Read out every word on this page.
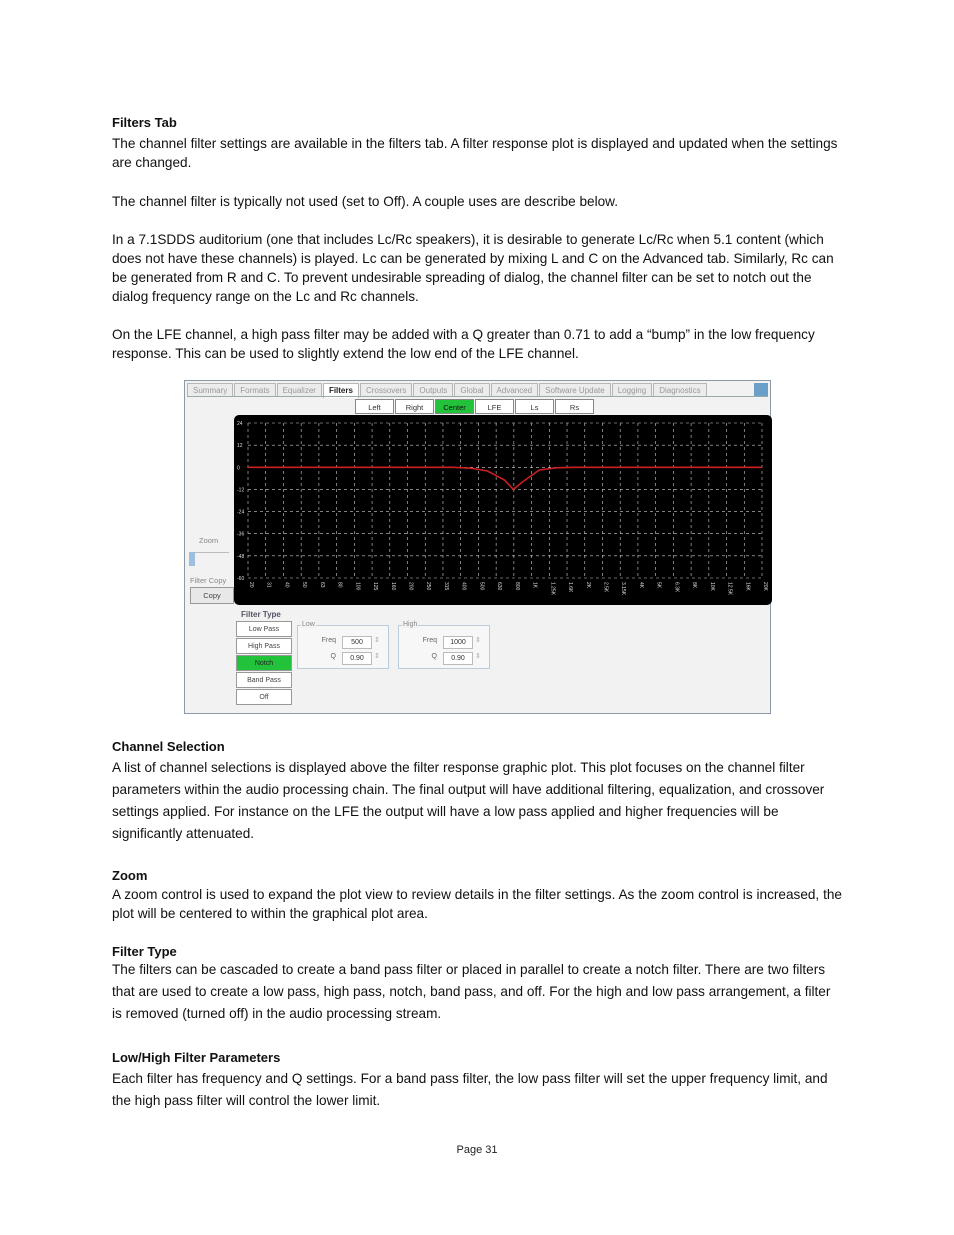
Filters Tab

The channel filter settings are available in the filters tab. A filter response plot is displayed and updated when the settings are changed.

The channel filter is typically not used (set to Off). A couple uses are describe below.

In a 7.1SDDS auditorium (one that includes Lc/Rc speakers), it is desirable to generate Lc/Rc when 5.1 content (which does not have these channels) is played. Lc can be generated by mixing L and C on the Advanced tab. Similarly, Rc can be generated from R and C. To prevent undesirable spreading of dialog, the channel filter can be set to notch out the dialog frequency range on the Lc and Rc channels.

On the LFE channel, a high pass filter may be added with a Q greater than 0.71 to add a “bump” in the low frequency response. This can be used to slightly extend the low end of the LFE channel.

Channel Selection

A list of channel selections is displayed above the filter response graphic plot. This plot focuses on the channel filter parameters within the audio processing chain. The final output will have additional filtering, equalization, and crossover settings applied. For instance on the LFE the output will have a low pass applied and higher frequencies will be significantly attenuated.

Zoom

A zoom control is used to expand the plot view to review details in the filter settings. As the zoom control is increased, the plot will be centered to within the graphical plot area.

Filter Type

The filters can be cascaded to create a band pass filter or placed in parallel to create a notch filter. There are two filters that are used to create a low pass, high pass, notch, band pass, and off. For the high and low pass arrangement, a filter is removed (turned off) in the audio processing stream.

Low/High Filter Parameters

Each filter has frequency and Q settings. For a band pass filter, the low pass filter will set the upper frequency limit, and the high pass filter will control the lower limit.

Summary	Formats	Equalizer	Filters	Crossovers	Outputs	Global	Advanced	Software Update	Logging	Diagnostics
Left	Right	Center	LFE	Ls	Rs
24
12
0
-12
-24
-36
-48
-60
20 31 40 50 63 80 100 125 160 200 250 315 400 500 630 800 1K 1.25K 1.6K 2K 2.5K 3.15K 4K 5K 6.3K 8K 10K 12.5K 16K 20K
Zoom
Filter Copy
Copy
Filter Type
Low Pass
High Pass
Notch
Band Pass
Off
Low
Freq	500	⇕
Q	0.90	⇕
High
Freq	1000	⇕
Q	0.90	⇕
Page 31
